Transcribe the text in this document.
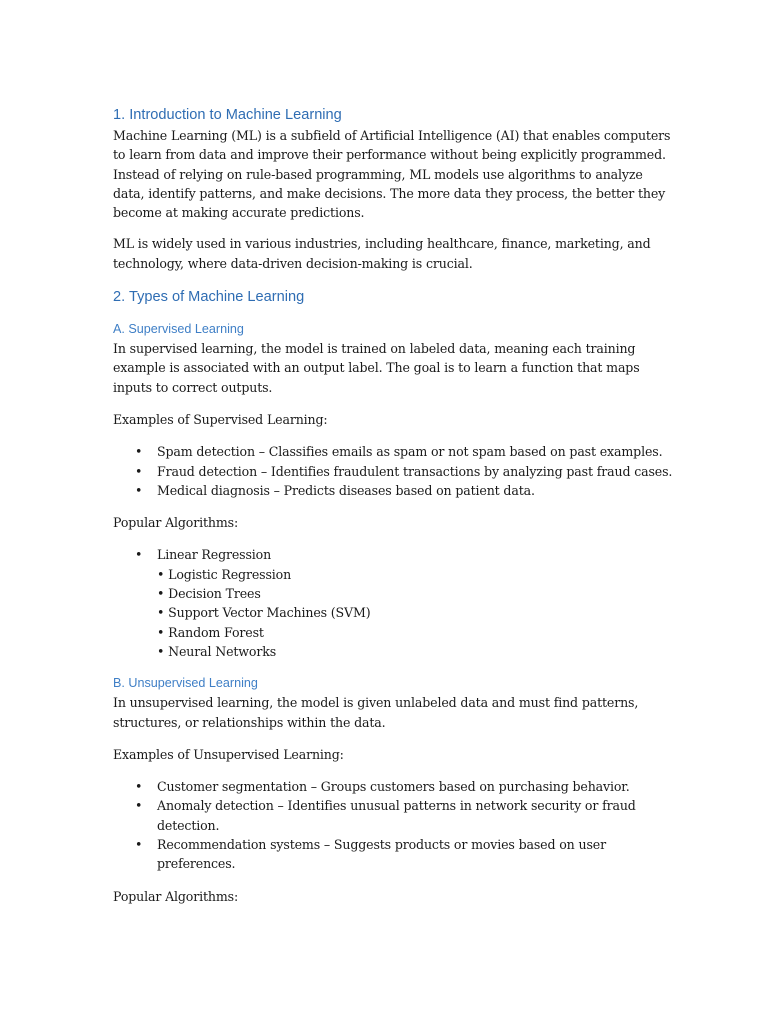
1. Introduction to Machine Learning

Machine Learning (ML) is a subfield of Artificial Intelligence (AI) that enables computers to learn from data and improve their performance without being explicitly programmed. Instead of relying on rule-based programming, ML models use algorithms to analyze data, identify patterns, and make decisions. The more data they process, the better they become at making accurate predictions.

ML is widely used in various industries, including healthcare, finance, marketing, and technology, where data-driven decision-making is crucial.

2. Types of Machine Learning
A. Supervised Learning

In supervised learning, the model is trained on labeled data, meaning each training example is associated with an output label. The goal is to learn a function that maps inputs to correct outputs.

Examples of Supervised Learning:

• Spam detection – Classifies emails as spam or not spam based on past examples.
• Fraud detection – Identifies fraudulent transactions by analyzing past fraud cases.
• Medical diagnosis – Predicts diseases based on patient data.

Popular Algorithms:

• Linear Regression
• Logistic Regression
• Decision Trees
• Support Vector Machines (SVM)
• Random Forest
• Neural Networks
B. Unsupervised Learning

In unsupervised learning, the model is given unlabeled data and must find patterns, structures, or relationships within the data.

Examples of Unsupervised Learning:

• Customer segmentation – Groups customers based on purchasing behavior.
• Anomaly detection – Identifies unusual patterns in network security or fraud detection.
• Recommendation systems – Suggests products or movies based on user preferences.

Popular Algorithms:
